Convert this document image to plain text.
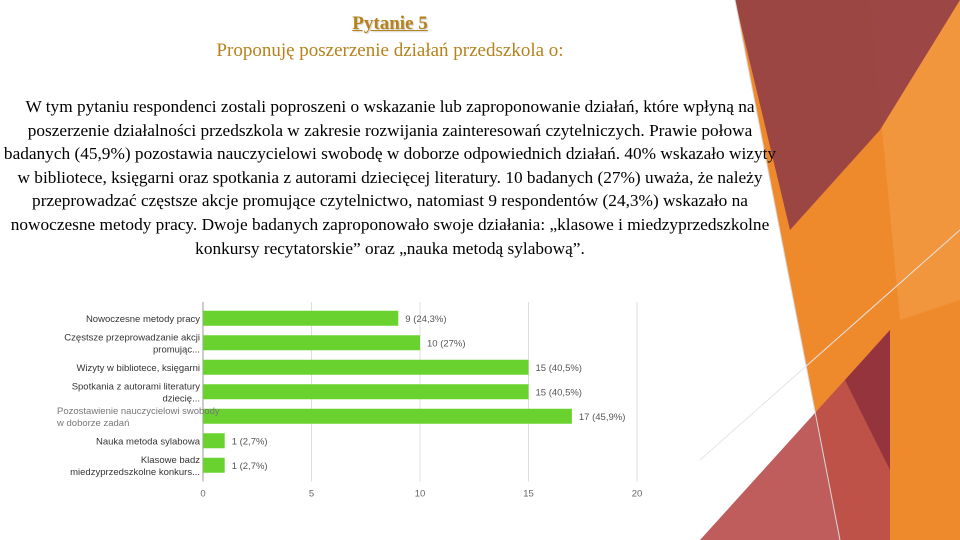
Pytanie 5
Proponuję poszerzenie działań przedszkola o:
W tym pytaniu respondenci zostali poproszeni o wskazanie lub zaproponowanie działań, które wpłyną na poszerzenie działalności przedszkola w zakresie rozwijania zainteresowań czytelniczych. Prawie połowa badanych (45,9%) pozostawia nauczycielowi swobodę w doborze odpowiednich działań. 40% wskazało wizyty w bibliotece, księgarni oraz spotkania z autorami dziecięcej literatury. 10 badanych (27%) uważa, że należy przeprowadzać częstsze akcje promujące czytelnictwo, natomiast 9 respondentów (24,3%) wskazało na nowoczesne metody pracy. Dwoje badanych zaproponowało swoje działania: „klasowe i miedzyprzedszkolne konkursy recytatorskie” oraz „nauka metodą sylabową”.
Nowoczesne metody pracy
Częstsze przeprowadzanie akcji
promując...
Wizyty w bibliotece, księgarni
Spotkania z autorami literatury
dziecię...
Pozostawienie nauczycielowi swobody
w doborze zadań
Nauka metoda sylabowa
Klasowe badz
miedzyprzedszkolne konkurs...
9 (24,3%)
10 (27%)
15 (40,5%)
15 (40,5%)
17 (45,9%)
1 (2,7%)
1 (2,7%)
0	5	10	15	20
